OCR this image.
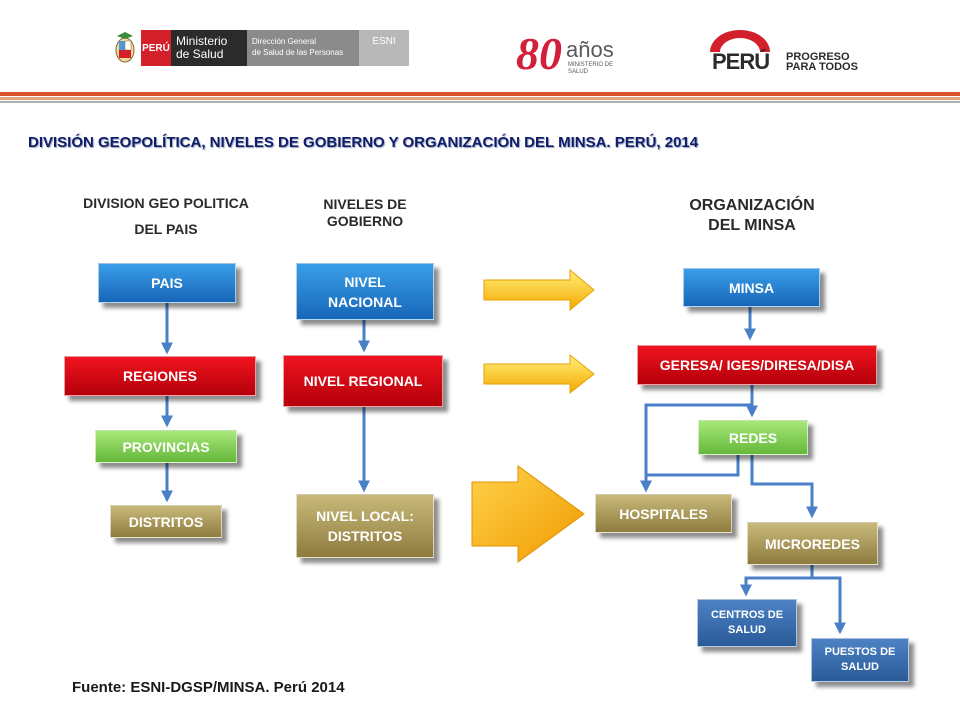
PERÚ Ministerio
de Salud
Dirección General
de Salud de las Personas
ESNI	80 años
MINISTERIO DE SALUD	PERÚ PROGRESO
PARA TODOS
DIVISIÓN GEOPOLÍTICA, NIVELES DE GOBIERNO Y ORGANIZACIÓN DEL MINSA. PERÚ, 2014
DIVISION GEO POLITICA
DEL PAIS
NIVELES DE
GOBIERNO
ORGANIZACIÓN
DEL MINSA
PAIS
REGIONES
PROVINCIAS
DISTRITOS
NIVEL
NACIONAL
NIVEL REGIONAL
NIVEL LOCAL:
DISTRITOS
MINSA
GERESA/ IGES/DIRESA/DISA
REDES
HOSPITALES
MICROREDES
CENTROS DE
SALUD
PUESTOS DE
SALUD
Fuente: ESNI-DGSP/MINSA. Perú 2014
